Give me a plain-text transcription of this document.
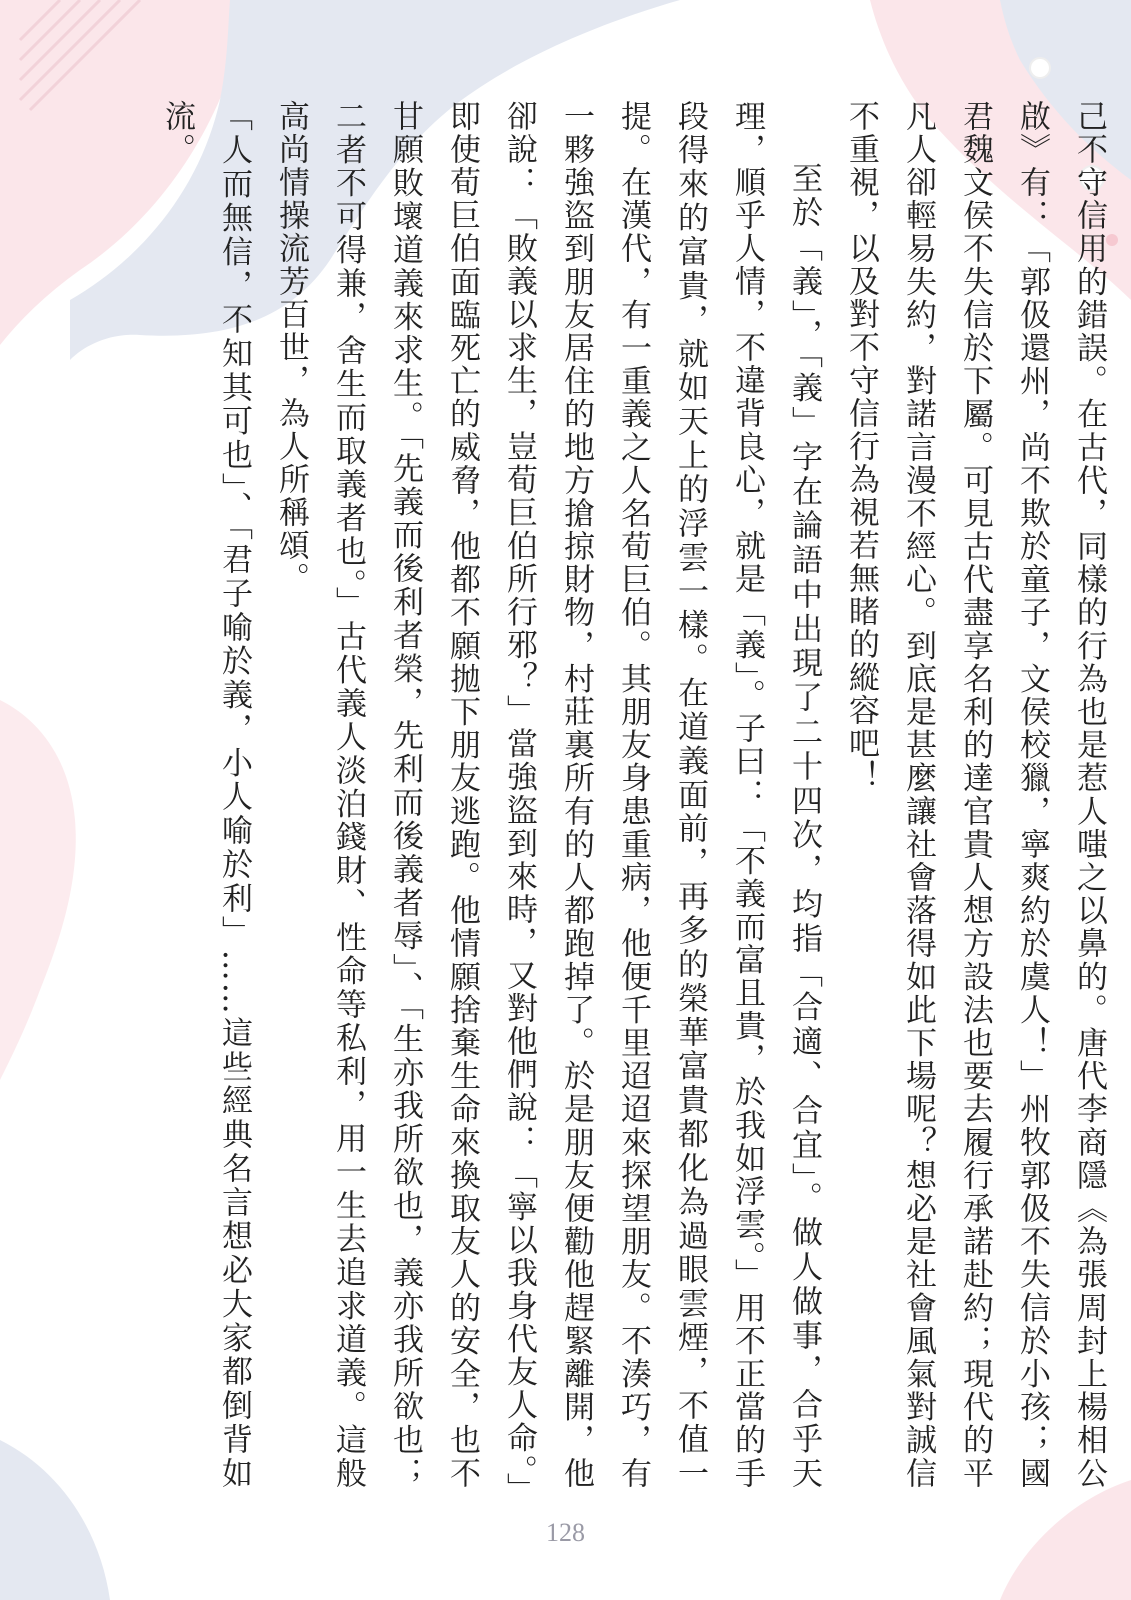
己不守信用的錯誤。在古代，同樣的行為也是惹人嗤之以鼻的。唐代李商隱《為張周封上楊相公啟》有：「郭伋還州，尚不欺於童子，文侯校獵，寧爽約於虞人！」州牧郭伋不失信於小孩；國君魏文侯不失信於下屬。可見古代盡享名利的達官貴人想方設法也要去履行承諾赴約；現代的平凡人卻輕易失約，對諾言漫不經心。到底是甚麼讓社會落得如此下場呢？想必是社會風氣對誠信不重視，以及對不守信行為視若無睹的縱容吧！

至於「義」，「義」字在論語中出現了二十四次，均指「合適、合宜」。做人做事，合乎天理，順乎人情，不違背良心，就是「義」。子曰：「不義而富且貴，於我如浮雲。」用不正當的手段得來的富貴，就如天上的浮雲一樣。在道義面前，再多的榮華富貴都化為過眼雲煙，不值一提。在漢代，有一重義之人名荀巨伯。其朋友身患重病，他便千里迢迢來探望朋友。不湊巧，有一夥強盜到朋友居住的地方搶掠財物，村莊裏所有的人都跑掉了。於是朋友便勸他趕緊離開，他卻說：「敗義以求生，豈荀巨伯所行邪？」當強盜到來時，又對他們說：「寧以我身代友人命。」即使荀巨伯面臨死亡的威脅，他都不願拋下朋友逃跑。他情願捨棄生命來換取友人的安全，也不甘願敗壞道義來求生。「先義而後利者榮，先利而後義者辱」、「生亦我所欲也，義亦我所欲也；二者不可得兼，舍生而取義者也。」古代義人淡泊錢財、性命等私利，用一生去追求道義。這般高尚情操流芳百世，為人所稱頌。

「人而無信，不知其可也」、「君子喻於義，小人喻於利」……這些經典名言想必大家都倒背如流。

128
